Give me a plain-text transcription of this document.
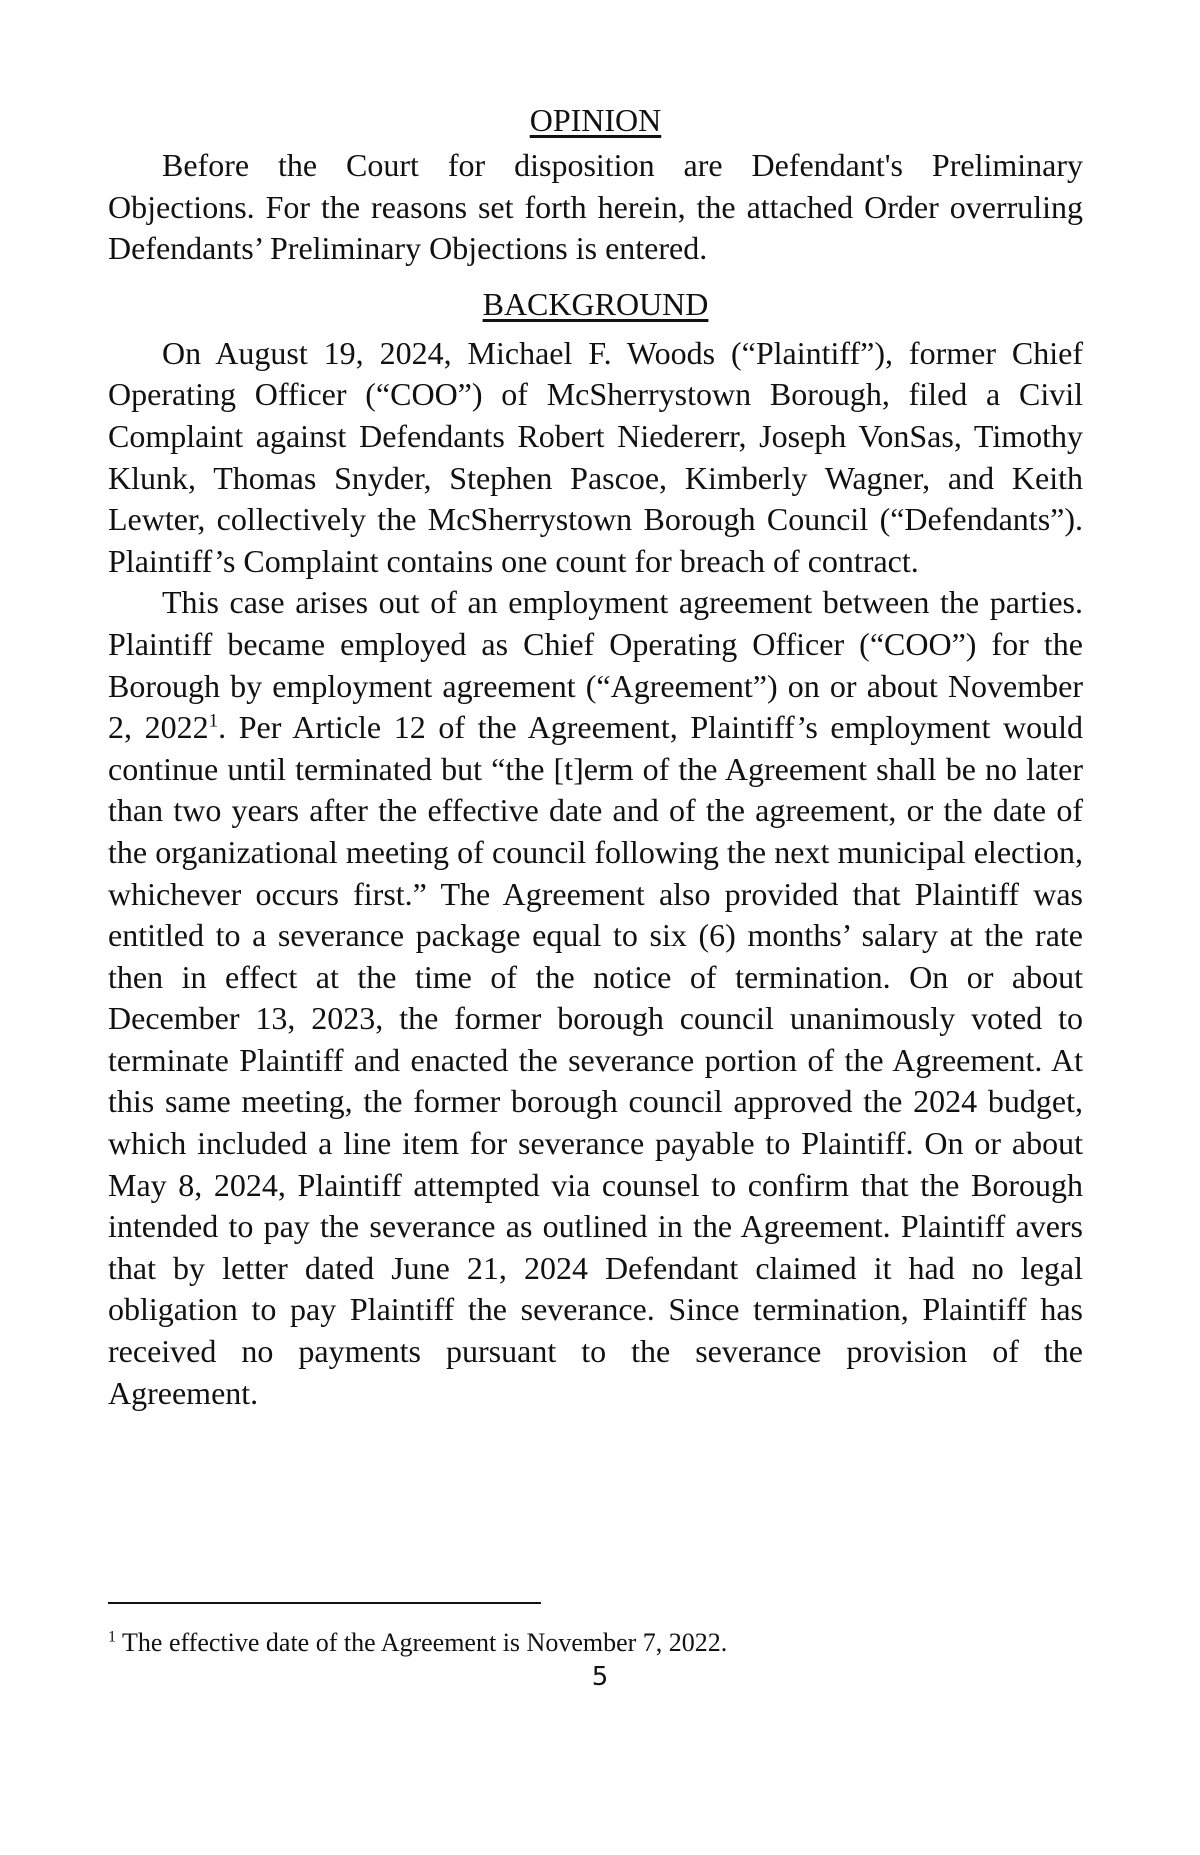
OPINION

Before the Court for disposition are Defendant's Preliminary Objections. For the reasons set forth herein, the attached Order overruling Defendants’ Preliminary Objections is entered.

BACKGROUND

On August 19, 2024, Michael F. Woods (“Plaintiff”), former Chief Operating Officer (“COO”) of McSherrystown Borough, filed a Civil Complaint against Defendants Robert Niedererr, Joseph VonSas, Timothy Klunk, Thomas Snyder, Stephen Pascoe, Kimberly Wagner, and Keith Lewter, collectively the McSherrystown Borough Council (“Defendants”). Plaintiff’s Complaint contains one count for breach of contract.

This case arises out of an employment agreement between the parties. Plaintiff became employed as Chief Operating Officer (“COO”) for the Borough by employment agreement (“Agreement”) on or about November 2, 2022$^1$. Per Article 12 of the Agreement, Plaintiff’s employment would continue until terminated but “the [t]erm of the Agreement shall be no later than two years after the effective date and of the agreement, or the date of the organizational meeting of council following the next municipal election, whichever occurs first.” The Agreement also provided that Plaintiff was entitled to a severance package equal to six (6) months’ salary at the rate then in effect at the time of the notice of termination. On or about December 13, 2023, the former borough council unanimously voted to terminate Plaintiff and enacted the severance portion of the Agreement. At this same meeting, the former borough council approved the 2024 budget, which included a line item for severance payable to Plaintiff. On or about May 8, 2024, Plaintiff attempted via counsel to confirm that the Borough intended to pay the severance as outlined in the Agreement. Plaintiff avers that by letter dated June 21, 2024 Defendant claimed it had no legal obligation to pay Plaintiff the severance. Since termination, Plaintiff has received no payments pursuant to the severance provision of the Agreement.

$^1$ The effective date of the Agreement is November 7, 2022.
5
